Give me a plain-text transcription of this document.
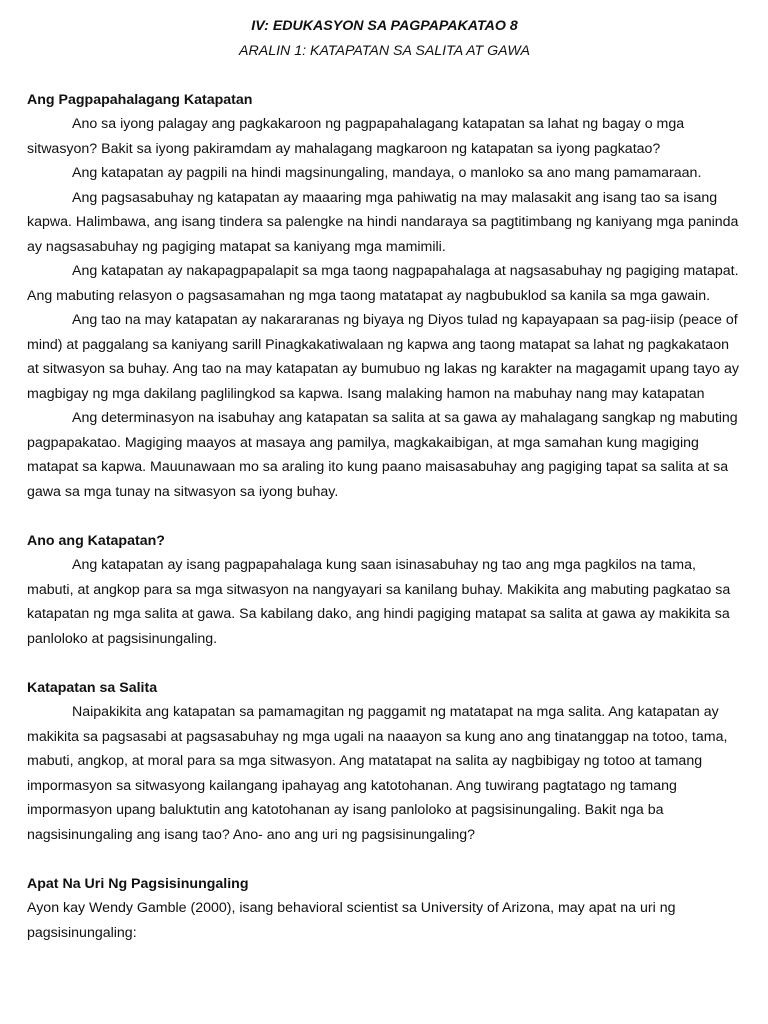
IV: EDUKASYON SA PAGPAPAKATAO 8
ARALIN 1: KATAPATAN SA SALITA AT GAWA
Ang Pagpapahalagang Katapatan

Ano sa iyong palagay ang pagkakaroon ng pagpapahalagang katapatan sa lahat ng bagay o mga sitwasyon? Bakit sa iyong pakiramdam ay mahalagang magkaroon ng katapatan sa iyong pagkatao?

Ang katapatan ay pagpili na hindi magsinungaling, mandaya, o manloko sa ano mang pamamaraan.

Ang pagsasabuhay ng katapatan ay maaaring mga pahiwatig na may malasakit ang isang tao sa isang kapwa. Halimbawa, ang isang tindera sa palengke na hindi nandaraya sa pagtitimbang ng kaniyang mga paninda ay nagsasabuhay ng pagiging matapat sa kaniyang mga mamimili.

Ang katapatan ay nakapagpapalapit sa mga taong nagpapahalaga at nagsasabuhay ng pagiging matapat. Ang mabuting relasyon o pagsasamahan ng mga taong matatapat ay nagbubuklod sa kanila sa mga gawain.

Ang tao na may katapatan ay nakararanas ng biyaya ng Diyos tulad ng kapayapaan sa pag-iisip (peace of mind) at paggalang sa kaniyang sarill Pinagkakatiwalaan ng kapwa ang taong matapat sa lahat ng pagkakataon at sitwasyon sa buhay. Ang tao na may katapatan ay bumubuo ng lakas ng karakter na magagamit upang tayo ay magbigay ng mga dakilang paglilingkod sa kapwa. Isang malaking hamon na mabuhay nang may katapatan

Ang determinasyon na isabuhay ang katapatan sa salita at sa gawa ay mahalagang sangkap ng mabuting pagpapakatao. Magiging maayos at masaya ang pamilya, magkakaibigan, at mga samahan kung magiging matapat sa kapwa. Mauunawaan mo sa araling ito kung paano maisasabuhay ang pagiging tapat sa salita at sa gawa sa mga tunay na sitwasyon sa iyong buhay.

Ano ang Katapatan?

Ang katapatan ay isang pagpapahalaga kung saan isinasabuhay ng tao ang mga pagkilos na tama, mabuti, at angkop para sa mga sitwasyon na nangyayari sa kanilang buhay. Makikita ang mabuting pagkatao sa katapatan ng mga salita at gawa. Sa kabilang dako, ang hindi pagiging matapat sa salita at gawa ay makikita sa panloloko at pagsisinungaling.

Katapatan sa Salita

Naipakikita ang katapatan sa pamamagitan ng paggamit ng matatapat na mga salita. Ang katapatan ay makikita sa pagsasabi at pagsasabuhay ng mga ugali na naaayon sa kung ano ang tinatanggap na totoo, tama, mabuti, angkop, at moral para sa mga sitwasyon. Ang matatapat na salita ay nagbibigay ng totoo at tamang impormasyon sa sitwasyong kailangang ipahayag ang katotohanan. Ang tuwirang pagtatago ng tamang impormasyon upang baluktutin ang katotohanan ay isang panloloko at pagsisinungaling. Bakit nga ba nagsisinungaling ang isang tao? Ano- ano ang uri ng pagsisinungaling?

Apat Na Uri Ng Pagsisinungaling

Ayon kay Wendy Gamble (2000), isang behavioral scientist sa University of Arizona, may apat na uri ng pagsisinungaling:
